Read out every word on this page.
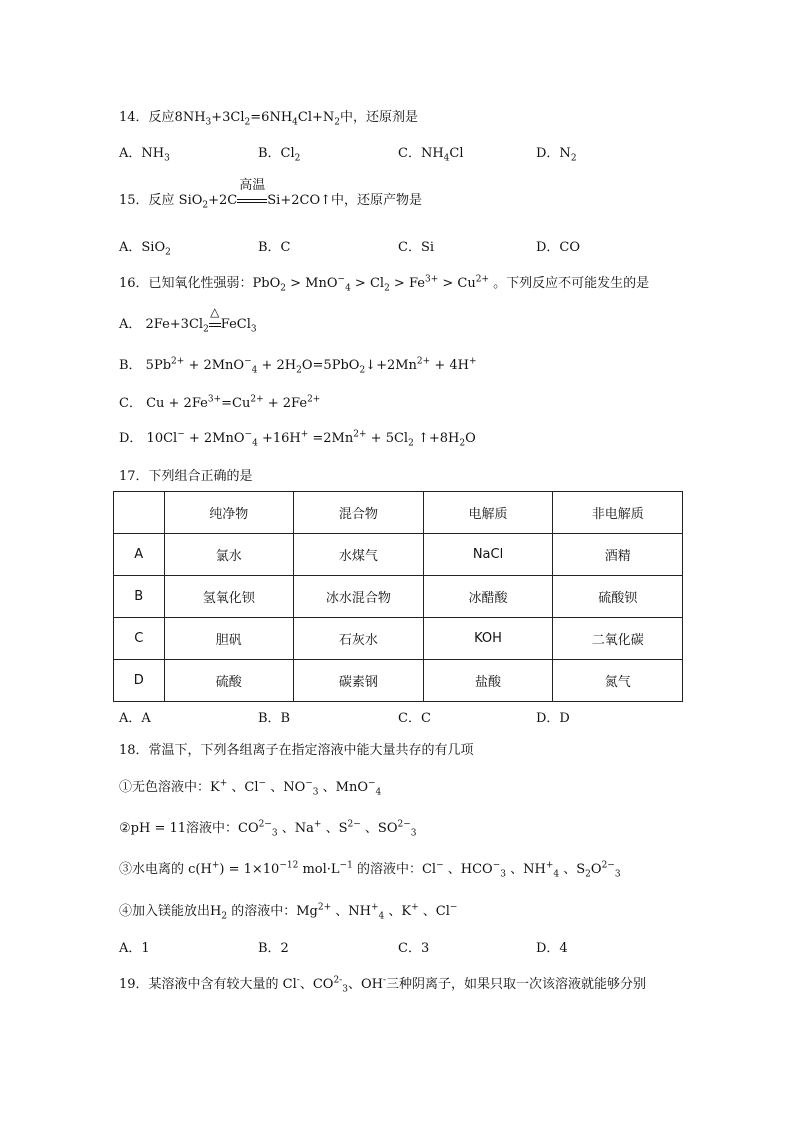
14．反应$8NH_3+3Cl_2=6NH_4Cl+N_2$中，还原剂是
A．$NH_3$	B．$Cl_2$	C．$NH_4Cl$	D．$N_2$
15．反应 SiO$_2$+2C
高温
Si+2CO↑中，还原产物是
A．SiO$_2$	B．C	C．Si	D．CO
16．已知氧化性强弱：$PbO_2 > MnO^-_4 > Cl_2 > Fe^{3+} > Cu^{2+}$ 。下列反应不可能发生的是
A． $2Fe+3Cl_2$
△
FeCl$_3$
B． $5Pb^{2+} + 2MnO^-_4$ + $2H_2O=5PbO_2↓+2Mn^{2+} + 4H^+$
C． $Cu + 2Fe^{3+}=Cu^{2+} + 2Fe^{2+}$
D． $10Cl^- + 2MnO^-_4 +16H^+ =2Mn^{2+} + 5Cl_2$ $↑+8H_2O$
17．下列组合正确的是
	纯净物	混合物	电解质	非电解质
A	氯水	水煤气	NaCl	酒精
B	氢氧化钡	冰水混合物	冰醋酸	硫酸钡
C	胆矾	石灰水	KOH	二氧化碳
D	硫酸	碳素钢	盐酸	氮气
A．A	B．B	C．C	D．D
18．常温下，下列各组离子在指定溶液中能大量共存的有几项
①无色溶液中：K+ 、Cl− 、$NO^-_3$ 、MnO−$_4$
②pH = 11溶液中：$CO^{2-}_3$ 、Na+ 、$S^{2-}$ 、$SO^{2-}_3$
③水电离的 $c(H^+) = 1\times 10^{-12}$ $mol\cdot L^{-1}$ 的溶液中：Cl− 、$HCO^-_3$ 、$NH^+_4$ 、$S_2O^{2-}_3$
④加入镁能放出$H_2$ 的溶液中：$Mg^{2+}$ 、$NH^+_4$ 、K+ 、Cl−
A．1	B．2	C．3	D．4
19．某溶液中含有较大量的 Cl-、$CO^{2-}_3$、OH-三种阴离子，如果只取一次该溶液就能够分别
